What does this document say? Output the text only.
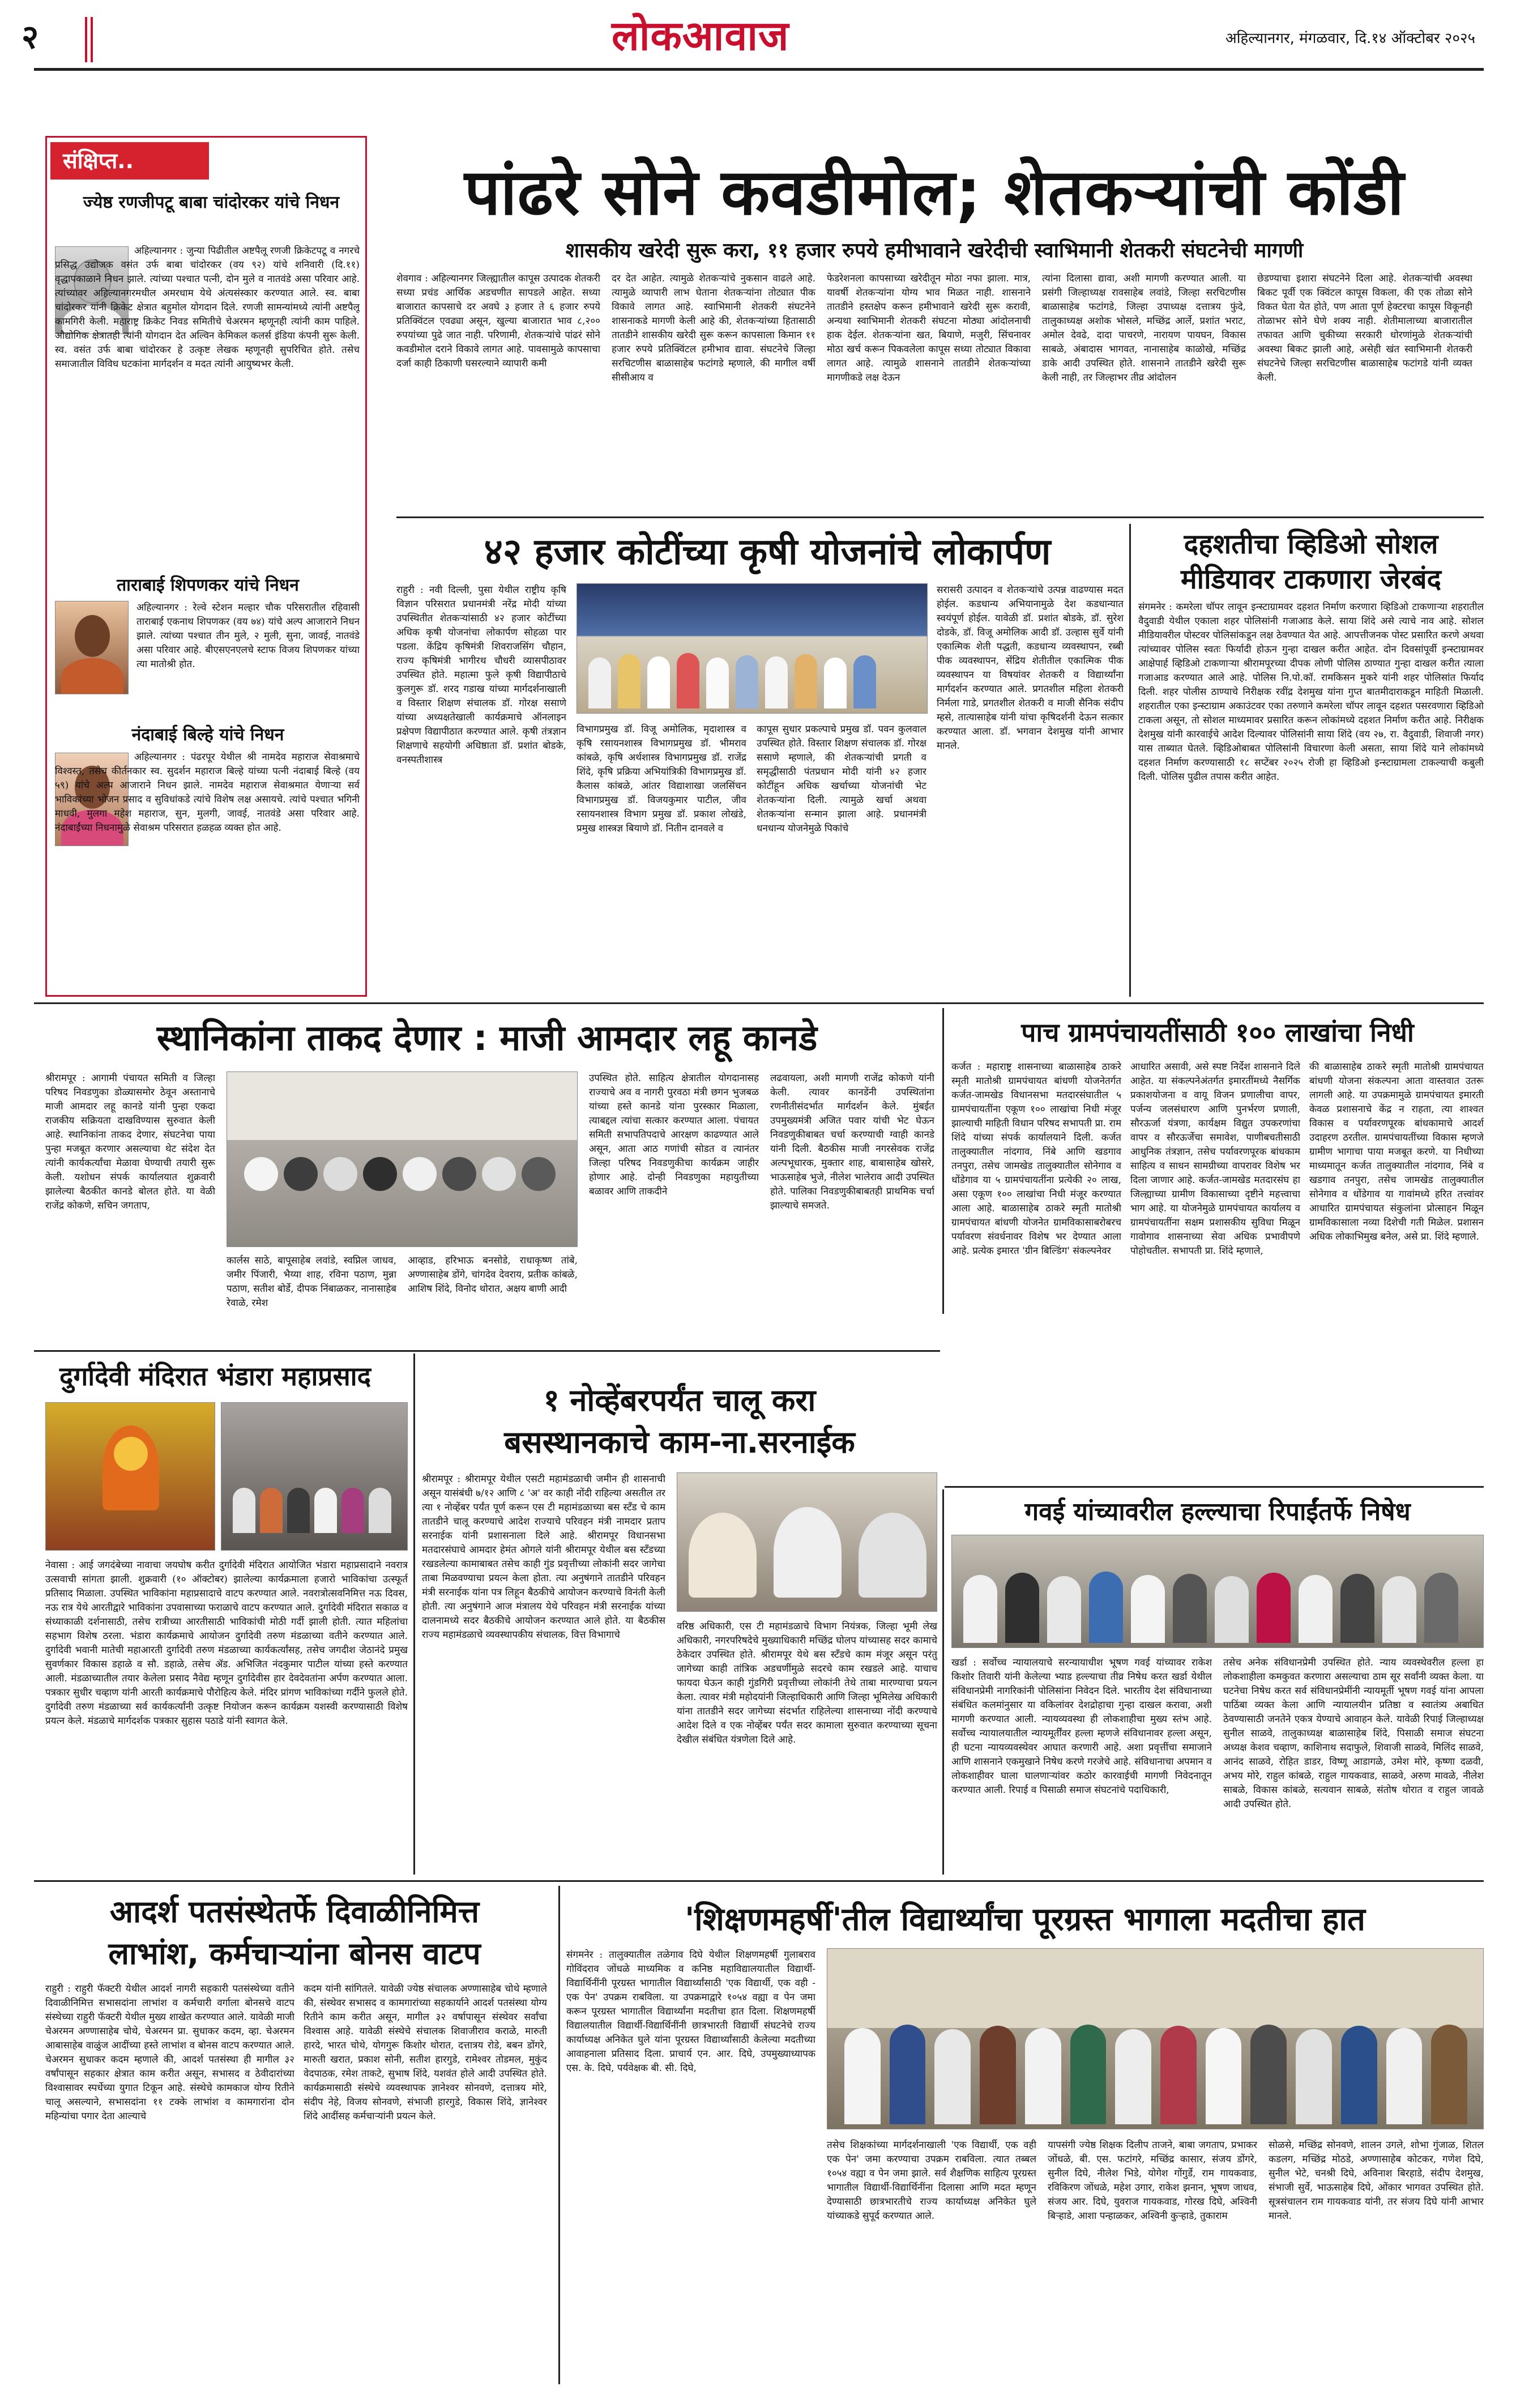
२	लोकआवाज	अहिल्यानगर, मंगळवार, दि.१४ ऑक्टोबर २०२५
संक्षिप्त..
ज्येष्ठ रणजीपटू बाबा चांदोरकर यांचे निधन
अहिल्यानगर : जुन्या पिढीतील अष्टपैलू रणजी क्रिकेटपटू व नगरचे प्रसिद्ध उद्योजक वसंत उर्फ बाबा चांदोरकर (वय ९२) यांचे शनिवारी (दि.११) वृद्धापकाळाने निधन झाले. त्यांच्या पश्चात पत्नी, दोन मुले व नातवंडे असा परिवार आहे. त्यांच्यावर अहिल्यानगरमधील अमरधाम येथे अंत्यसंस्कार करण्यात आले. स्व. बाबा चांदोरकर यांनी क्रिकेट क्षेत्रात बहुमोल योगदान दिले. रणजी सामन्यांमध्ये त्यांनी अष्टपैलू कामगिरी केली. महाराष्ट्र क्रिकेट निवड समितीचे चेअरमन म्हणूनही त्यांनी काम पाहिले. औद्योगिक क्षेत्रातही त्यांनी योगदान देत अल्विन केमिकल कलर्स इंडिया कंपनी सुरू केली. स्व. वसंत उर्फ बाबा चांदोरकर हे उत्कृष्ट लेखक म्हणूनही सुपरिचित होते. तसेच समाजातील विविध घटकांना मार्गदर्शन व मदत त्यांनी आयुष्यभर केली.
ताराबाई शिपणकर यांचे निधन
अहिल्यानगर : रेल्वे स्टेशन मल्हार चौक परिसरातील रहिवासी ताराबाई एकनाथ शिपणकर (वय ७४) यांचे अल्प आजाराने निधन झाले. त्यांच्या पश्चात तीन मुले, २ मुली, सुना, जावई, नातवंडे असा परिवार आहे. बीएसएनएलचे स्टाफ विजय शिपणकर यांच्या त्या मातोश्री होत.
नंदाबाई बिल्हे यांचे निधन
अहिल्यानगर : पंढरपूर येथील श्री नामदेव महाराज सेवाश्रमाचे विश्वस्त, तसेच कीर्तनकार स्व. सुदर्शन महाराज बिल्हे यांच्या पत्नी नंदाबाई बिल्हे (वय ५९) यांचे अल्प आजाराने निधन झाले. नामदेव महाराज सेवाश्रमात येणाऱ्या सर्व भाविकांच्या भोजन प्रसाद व सुविधांकडे त्यांचे विशेष लक्ष असायचे. त्यांचे पश्चात भगिनी माधवी, मुलगा महेश महाराज, सुन, मुलगी, जावई, नातवंडे असा परिवार आहे. नंदाबाईंच्या निधनामुळे सेवाश्रम परिसरात हळहळ व्यक्त होत आहे.
पांढरे सोने कवडीमोल; शेतकऱ्यांची कोंडी
शासकीय खरेदी सुरू करा, ११ हजार रुपये हमीभावाने खरेदीची स्वाभिमानी शेतकरी संघटनेची मागणी
शेवगाव : अहिल्यानगर जिल्ह्यातील कापूस उत्पादक शेतकरी सध्या प्रचंड आर्थिक अडचणीत सापडले आहेत. सध्या बाजारात कापसाचे दर अवघे ३ हजार ते ६ हजार रुपये प्रतिक्विंटल एवढ्या असून, खुल्या बाजारात भाव ८,२०० रुपयांच्या पुढे जात नाही. परिणामी, शेतकऱ्यांचे पांढरं सोने कवडीमोल दराने विकावे लागत आहे. पावसामुळे कापसाचा दर्जा काही ठिकाणी घसरल्याने व्यापारी कमी
दर देत आहेत. त्यामुळे शेतकऱ्यांचे नुकसान वाढले आहे. त्यामुळे व्यापारी लाभ घेताना शेतकऱ्यांना तोट्यात पीक विकावे लागत आहे. स्वाभिमानी शेतकरी संघटनेने शासनाकडे मागणी केली आहे की, शेतकऱ्यांच्या हितासाठी तातडीने शासकीय खरेदी सुरू करून कापसाला किमान ११ हजार रुपये प्रतिक्विंटल हमीभाव द्यावा. संघटनेचे जिल्हा सरचिटणीस बाळासाहेब फटांगडे म्हणाले, की मागील वर्षी सीसीआय व
फेडरेशनला कापसाच्या खरेदीतून मोठा नफा झाला. मात्र, यावर्षी शेतकऱ्यांना योग्य भाव मिळत नाही. शासनाने तातडीने हस्तक्षेप करून हमीभावाने खरेदी सुरू करावी, अन्यथा स्वाभिमानी शेतकरी संघटना मोठ्या आंदोलनाची हाक देईल. शेतकऱ्यांना खत, बियाणे, मजुरी, सिंचनावर मोठा खर्च करून पिकवलेला कापूस सध्या तोट्यात विकावा लागत आहे. त्यामुळे शासनाने तातडीने शेतकऱ्यांच्या मागणीकडे लक्ष देऊन
त्यांना दिलासा द्यावा, अशी मागणी करण्यात आली. या प्रसंगी जिल्हाध्यक्ष रावसाहेब लवांडे, जिल्हा सरचिटणीस बाळासाहेब फटांगडे, जिल्हा उपाध्यक्ष दत्तात्रय फुंदे, तालुकाध्यक्ष अशोक भोसले, मच्छिंद्र आर्ले, प्रशांत भराट, अमोल देवढे, दादा पाचरणे, नारायण पायघन, विकास साबळे, अंबादास भागवत, नानासाहेब काळोखे, मच्छिंद्र डाके आदी उपस्थित होते. शासनाने तातडीने खरेदी सुरू केली नाही, तर जिल्हाभर तीव्र आंदोलन
छेडण्याचा इशारा संघटनेने दिला आहे. शेतकऱ्यांची अवस्था बिकट पूर्वी एक क्विंटल कापूस विकला, की एक तोळा सोने विकत घेता येत होते, पण आता पूर्ण हेक्टरचा कापूस विकूनही तोळाभर सोने घेणे शक्य नाही. शेतीमालाच्या बाजारातील तफावत आणि चुकीच्या सरकारी धोरणांमुळे शेतकऱ्यांची अवस्था बिकट झाली आहे, असेही खंत स्वाभिमानी शेतकरी संघटनेचे जिल्हा सरचिटणीस बाळासाहेब फटांगडे यांनी व्यक्त केली.
४२ हजार कोटींच्या कृषी योजनांचे लोकार्पण
राहुरी : नवी दिल्ली, पुसा येथील राष्ट्रीय कृषि विज्ञान परिसरात प्रधानमंत्री नरेंद्र मोदी यांच्या उपस्थितीत शेतकऱ्यांसाठी ४२ हजार कोटींच्या अधिक कृषी योजनांचा लोकार्पण सोहळा पार पडला. केंद्रिय कृषिमंत्री शिवराजसिंग चौहान, राज्य कृषिमंत्री भागीरथ चौधरी व्यासपीठावर उपस्थित होते. महात्मा फुले कृषी विद्यापीठाचे कुलगुरू डॉ. शरद गडाख यांच्या मार्गदर्शनाखाली व विस्तार शिक्षण संचालक डॉ. गोरक्ष ससाणे यांच्या अध्यक्षतेखाली कार्यक्रमाचे ऑनलाइन प्रक्षेपण विद्यापीठात करण्यात आले. कृषी तंत्रज्ञान शिक्षणाचे सहयोगी अधिष्ठाता डॉ. प्रशांत बोडके, वनस्पतीशास्त्र
विभागप्रमुख डॉ. विजू अमोलिक, मृदाशास्त्र व कृषि रसायनशास्त्र विभागप्रमुख डॉ. भीमराव कांबळे, कृषि अर्थशास्त्र विभागप्रमुख डॉ. राजेंद्र शिंदे, कृषि प्रक्रिया अभियांत्रिकी विभागप्रमुख डॉ. कैलास कांबळे, आंतर विद्याशाखा जलसिंचन विभागप्रमुख डॉ. विजयकुमार पाटील, जीव रसायनशास्त्र विभाग प्रमुख डॉ. प्रकाश लोखंडे, प्रमुख शास्त्रज्ञ बियाणे डॉ. नितीन दानवले व
कापूस सुधार प्रकल्पाचे प्रमुख डॉ. पवन कुलवाल उपस्थित होते. विस्तार शिक्षण संचालक डॉ. गोरक्ष ससाणे म्हणाले, की शेतकऱ्यांची प्रगती व समृद्धीसाठी पंतप्रधान मोदी यांनी ४२ हजार कोटींहून अधिक खर्चाच्या योजनांची भेट शेतकऱ्यांना दिली. त्यामुळे खर्चा अथवा शेतकऱ्यांना सन्मान झाला आहे. प्रधानमंत्री धनधान्य योजनेमुळे पिकांचे
सरासरी उत्पादन व शेतकऱ्यांचे उत्पन्न वाढण्यास मदत होईल. कडधान्य अभियानामुळे देश कडधान्यात स्वयंपूर्ण होईल. यावेळी डॉ. प्रशांत बोडके, डॉ. सुरेश दोडके, डॉ. विजू अमोलिक आदी डॉ. उल्हास सुर्वे यांनी एकात्मिक शेती पद्धती, कडधान्य व्यवस्थापन, रब्बी पीक व्यवस्थापन, सेंद्रिय शेतीतील एकात्मिक पीक व्यवस्थापन या विषयांवर शेतकरी व विद्यार्थ्यांना मार्गदर्शन करण्यात आले. प्रगतशील महिला शेतकरी निर्मला गाडे, प्रगतशील शेतकरी व माजी सैनिक संदीप म्हसे, तात्यासाहेब यांनी यांचा कृषिदर्शनी देऊन सत्कार करण्यात आला. डॉ. भगवान देशमुख यांनी आभार मानले.
दहशतीचा व्हिडिओ सोशल मीडियावर टाकणारा जेरबंद
संगमनेर : कमरेला चॉपर लावून इन्स्टाग्रामवर दहशत निर्माण करणारा व्हिडिओ टाकणाऱ्या शहरातील वैदुवाडी येथील एकाला शहर पोलिसांनी गजाआड केले. साया शिंदे असे त्याचे नाव आहे. सोशल मीडियावरील पोस्टवर पोलिसांकडून लक्ष ठेवण्यात येत आहे. आपत्तीजनक पोस्ट प्रसारित करणे अथवा त्यांच्यावर पोलिस स्वतः फिर्यादी होऊन गुन्हा दाखल करीत आहेत. दोन दिवसांपूर्वी इन्स्टाग्रामवर आक्षेपार्ह व्हिडिओ टाकणाऱ्या श्रीरामपूरच्या दीपक लोणी पोलिस ठाण्यात गुन्हा दाखल करीत त्याला गजाआड करण्यात आले आहे. पोलिस नि.पो.कॉ. रामकिसन मुकरे यांनी शहर पोलिसांत फिर्याद दिली. शहर पोलीस ठाण्याचे निरीक्षक रवींद्र देशमुख यांना गुप्त बातमीदाराकडून माहिती मिळाली. शहरातील एका इन्स्टाग्राम अकाउंटवर एका तरुणाने कमरेला चॉपर लावून दहशत पसरवणारा व्हिडिओ टाकला असून, तो सोशल माध्यमावर प्रसारित करून लोकांमध्ये दहशत निर्माण करीत आहे. निरीक्षक देशमुख यांनी कारवाईचे आदेश दिल्यावर पोलिसांनी साया शिंदे (वय २७, रा. वैदुवाडी, शिवाजी नगर) यास ताब्यात घेतले. व्हिडिओबाबत पोलिसांनी विचारणा केली असता, साया शिंदे याने लोकांमध्ये दहशत निर्माण करण्यासाठी १८ सप्टेंबर २०२५ रोजी हा व्हिडिओ इन्स्टाग्रामला टाकल्याची कबुली दिली. पोलिस पुढील तपास करीत आहेत.
स्थानिकांना ताकद देणार : माजी आमदार लहू कानडे
श्रीरामपूर : आगामी पंचायत समिती व जिल्हा परिषद निवडणुका डोळ्यासमोर ठेवून अस्तानाचे माजी आमदार लहू कानडे यांनी पुन्हा एकदा राजकीय सक्रियता दाखविण्यास सुरुवात केली आहे. स्थानिकांना ताकद देणार, संघटनेचा पाया पुन्हा मजबूत करणार असल्याचा थेट संदेश देत त्यांनी कार्यकर्त्यांचा मेळावा घेण्याची तयारी सुरू केली. यशोधन संपर्क कार्यालयात शुक्रवारी झालेल्या बैठकीत कानडे बोलत होते. या वेळी राजेंद्र कोकणे, सचिन जगताप,
कार्लस साठे, बापूसाहेब लवांडे, स्वप्निल जाधव, जमीर पिंजारी, भैय्या शाह, रविना पठाण, मुन्ना पठाण, सतीश बोर्डे, दीपक निंबाळकर, नानासाहेब रेवाळे, रमेश
आव्हाड, हरिभाऊ बनसोडे, राधाकृष्ण तांबे, अण्णासाहेब डोंगे, चांगदेव देवराय, प्रतीक कांबळे, आशिष शिंदे, विनोद थोरात, अक्षय बाणी आदी
उपस्थित होते. साहित्य क्षेत्रातील योगदानासह राज्याचे अव व नागरी पुरवठा मंत्री छगन भुजबळ यांच्या हस्ते कानडे यांना पुरस्कार मिळाला, त्याबद्दल त्यांचा सत्कार करण्यात आला. पंचायत समिती सभापतिपदाचे आरक्षण काढण्यात आले असून, आता आठ गणांची सोडत व त्यानंतर जिल्हा परिषद निवडणुकीचा कार्यक्रम जाहीर होणार आहे. दोन्ही निवडणुका महायुतीच्या बळावर आणि ताकदीने
लढवायला, अशी मागणी राजेंद्र कोकणे यांनी केली. त्यावर कानडेंनी उपस्थितांना रणनीतीसंदर्भात मार्गदर्शन केले. मुंबईत उपमुख्यमंत्री अजित पवार यांची भेट घेऊन निवडणुकीबाबत चर्चा करण्याची ग्वाही कानडे यांनी दिली. बैठकीस माजी नगरसेवक राजेंद्र अल्पभूधारक, मुक्तार शाह, बाबासाहेब खोसरे, भाऊसाहेब भुजे, नीलेश भालेराव आदी उपस्थित होते. पालिका निवडणुकीबाबतही प्राथमिक चर्चा झाल्याचे समजते.
पाच ग्रामपंचायतींसाठी १०० लाखांचा निधी
कर्जत : महाराष्ट्र शासनाच्या बाळासाहेब ठाकरे स्मृती मातोश्री ग्रामपंचायत बांधणी योजनेतर्गत कर्जत-जामखेड विधानसभा मतदारसंघातील ५ ग्रामपंचायतींना एकूण १०० लाखांचा निधी मंजूर झाल्याची माहिती विधान परिषद सभापती प्रा. राम शिंदे यांच्या संपर्क कार्यालयाने दिली. कर्जत तालुक्यातील नांदगाव, निंबे आणि खडगाव तनपुरा, तसेच जामखेड तालुक्यातील सोनेगाव व धोंडेगाव या ५ ग्रामपंचायतींना प्रत्येकी २० लाख, असा एकूण १०० लाखांचा निधी मंजूर करण्यात आला आहे. बाळासाहेब ठाकरे स्मृती मातोश्री ग्रामपंचायत बांधणी योजनेत ग्रामविकासाबरोबरच पर्यावरण संवर्धनावर विशेष भर देण्यात आला आहे. प्रत्येक इमारत 'ग्रीन बिल्डिंग' संकल्पनेवर
आधारित असावी, असे स्पष्ट निर्देश शासनाने दिले आहेत. या संकल्पनेअंतर्गत इमारतींमध्ये नैसर्गिक प्रकाशयोजना व वायू विजन प्रणालीचा वापर, पर्जन्य जलसंधारण आणि पुनर्भरण प्रणाली, सौरऊर्जा यंत्रणा, कार्यक्षम विद्युत उपकरणांचा वापर व सौरऊर्जेचा समावेश, पाणीबचतीसाठी आधुनिक तंत्रज्ञान, तसेच पर्यावरणपूरक बांधकाम साहित्य व साधन सामग्रीच्या वापरावर विशेष भर दिला जाणार आहे. कर्जत-जामखेड मतदारसंघ हा जिल्ह्याच्या ग्रामीण विकासाच्या दृष्टीने महत्त्वाचा भाग आहे. या योजनेमुळे ग्रामपंचायत कार्यालय व ग्रामपंचायतींना सक्षम प्रशासकीय सुविधा मिळून गावोगाव शासनाच्या सेवा अधिक प्रभावीपणे पोहोचतील. सभापती प्रा. शिंदे म्हणाले,
की बाळासाहेब ठाकरे स्मृती मातोश्री ग्रामपंचायत बांधणी योजना संकल्पना आता वास्तवात उतरू लागली आहे. या उपक्रमामुळे ग्रामपंचायत इमारती केवळ प्रशासनाचे केंद्र न राहता, त्या शाश्वत विकास व पर्यावरणपूरक बांधकामाचे आदर्श उदाहरण ठरतील. ग्रामपंचायतींच्या विकास म्हणजे ग्रामीण भागाचा पाया मजबूत करणे. या निधीच्या माध्यमातून कर्जत तालुक्यातील नांदगाव, निंबे व खडगाव तनपुरा, तसेच जामखेड तालुक्यातील सोनेगाव व धोंडेगाव या गावांमध्ये हरित तत्त्वांवर आधारित ग्रामपंचायत संकुलांना प्रोत्साहन मिळून ग्रामविकासाला नव्या दिशेची गती मिळेल. प्रशासन अधिक लोकाभिमुख बनेल, असे प्रा. शिंदे म्हणाले.
दुर्गादेवी मंदिरात भंडारा महाप्रसाद
नेवासा : आई जगदंबेच्या नावाचा जयघोष करीत दुर्गादेवी मंदिरात आयोजित भंडारा महाप्रसादाने नवरात्र उत्सवाची सांगता झाली. शुक्रवारी (१० ऑक्टोबर) झालेल्या कार्यक्रमाला हजारो भाविकांचा उत्स्फूर्त प्रतिसाद मिळाला. उपस्थित भाविकांना महाप्रसादाचे वाटप करण्यात आले. नवरात्रोत्सवनिमित्त नऊ दिवस, नऊ रात्र येथे आरतीद्वारे भाविकांना उपवासाच्या फराळाचे वाटप करण्यात आले. दुर्गादेवी मंदिरात सकाळ व संध्याकाळी दर्शनासाठी, तसेच रात्रीच्या आरतीसाठी भाविकांची मोठी गर्दी झाली होती. त्यात महिलांचा सहभाग विशेष ठरला. भंडारा कार्यक्रमाचे आयोजन दुर्गादेवी तरुण मंडळाच्या वतीने करण्यात आले. दुर्गादेवी भवानी मातेची महाआरती दुर्गादेवी तरुण मंडळाच्या कार्यकर्त्यांसह, तसेच जगदीश जेठानंदे प्रमुख सुवर्णकार विकास डहाळे व सौ. डहाळे, तसेच ॲड. अभिजित नंदकुमार पाटील यांच्या हस्ते करण्यात आली. मंडळाच्यातील तयार केलेला प्रसाद नैवेद्य म्हणून दुर्गादेवीस हार देवदेवतांना अर्पण करण्यात आला. पत्रकार सुधीर चव्हाण यांनी आरती कार्यक्रमाचे पौरोहित्य केले. मंदिर प्रांगण भाविकांच्या गर्दीने फुलले होते. दुर्गादेवी तरुण मंडळाच्या सर्व कार्यकर्त्यांनी उत्कृष्ट नियोजन करून कार्यक्रम यशस्वी करण्यासाठी विशेष प्रयत्न केले. मंडळाचे मार्गदर्शक पत्रकार सुहास पठाडे यांनी स्वागत केले.
१ नोव्हेंबरपर्यंत चालू करा
बसस्थानकाचे काम-ना.सरनाईक
श्रीरामपूर : श्रीरामपूर येथील एसटी महामंडळाची जमीन ही शासनाची असून यासंबंधी ७/१२ आणि ८ 'अ' वर काही नोंदी राहिल्या असतील तर त्या १ नोव्हेंबर पर्यंत पूर्ण करून एस टी महामंडळाच्या बस स्टँड चे काम तातडीने चालू करण्याचे आदेश राज्याचे परिवहन मंत्री नामदार प्रताप सरनाईक यांनी प्रशासनाला दिले आहे. श्रीरामपूर विधानसभा मतदारसंघाचे आमदार हेमंत ओगले यांनी श्रीरामपूर येथील बस स्टँडच्या रखडलेल्या कामाबाबत तसेच काही गुंड प्रवृत्तीच्या लोकांनी सदर जागेचा ताबा मिळवण्याचा प्रयत्न केला होता. त्या अनुषंगाने तातडीने परिवहन मंत्री सरनाईक यांना पत्र लिहून बैठकीचे आयोजन करण्याचे विनंती केली होती. त्या अनुषंगाने आज मंत्रालय येथे परिवहन मंत्री सरनाईक यांच्या दालनामध्ये सदर बैठकीचे आयोजन करण्यात आले होते. या बैठकीस राज्य महामंडळाचे व्यवस्थापकीय संचालक, वित्त विभागाचे
वरिष्ठ अधिकारी, एस टी महामंडळाचे विभाग नियंत्रक, जिल्हा भूमी लेख अधिकारी, नगरपरिषदेचे मुख्याधिकारी मच्छिंद्र घोलप यांच्यासह सदर कामाचे ठेकेदार उपस्थित होते. श्रीरामपूर येथे बस स्टँडचे काम मंजूर असून परंतु जागेच्या काही तांत्रिक अडचणींमुळे सदरचे काम रखडले आहे. याचाच फायदा घेऊन काही गुंडगिरी प्रवृत्तीच्या लोकांनी तेथे ताबा मारण्याचा प्रयत्न केला. त्यावर मंत्री महोदयांनी जिल्हाधिकारी आणि जिल्हा भूमिलेख अधिकारी यांना तातडीने सदर जागेच्या संदर्भात राहिलेल्या शासनाच्या नोंदी करण्याचे आदेश दिले व एक नोव्हेंबर पर्यंत सदर कामाला सुरुवात करण्याच्या सूचना देखील संबंधित यंत्रणेला दिले आहे.
गवई यांच्यावरील हल्ल्याचा रिपाईंतर्फे निषेध
खर्डा : सर्वोच्च न्यायालयाचे सरन्यायाधीश भूषण गवई यांच्यावर राकेश किशोर तिवारी यांनी केलेल्या भ्याड हल्ल्याचा तीव्र निषेध करत खर्डा येथील संविधानप्रेमी नागरिकांनी पोलिसांना निवेदन दिले. भारतीय देश संविधानाच्या संबंधित कलमांनुसार या वकिलांवर देशद्रोहाचा गुन्हा दाखल करावा, अशी मागणी करण्यात आली. न्यायव्यवस्था ही लोकशाहीचा मुख्य स्तंभ आहे. सर्वोच्च न्यायालयातील न्यायमूर्तींवर हल्ला म्हणजे संविधानावर हल्ला असून, ही घटना न्यायव्यवस्थेवर आघात करणारी आहे. अशा प्रवृत्तींचा समाजाने आणि शासनाने एकमुखाने निषेध करणे गरजेचे आहे. संविधानाचा अपमान व लोकशाहीवर घाला घालणाऱ्यांवर कठोर कारवाईची मागणी निवेदनातून करण्यात आली. रिपाई व पिसाळी समाज संघटनांचे पदाधिकारी,
तसेच अनेक संविधानप्रेमी उपस्थित होते. न्याय व्यवस्थेवरील हल्ला हा लोकशाहीला कमकुवत करणारा असल्याचा ठाम सूर सर्वांनी व्यक्त केला. या घटनेचा निषेध करत सर्व संविधानप्रेमींनी न्यायमूर्ती भूषण गवई यांना आपला पाठिंबा व्यक्त केला आणि न्यायालयीन प्रतिष्ठा व स्वातंत्र्य अबाधित ठेवण्यासाठी जनतेने एकत्र येण्याचे आवाहन केले. यावेळी रिपाई जिल्हाध्यक्ष सुनील साळवे, तालुकाध्यक्ष बाळासाहेब शिंदे, पिसाळी समाज संघटना अध्यक्ष केशव चव्हाण, काशिनाथ सदाफुले, शिवाजी साळवे, मिलिंद साळवे, आनंद साळवे, रोहित डाडर, विष्णू आडागळे, उमेश मोरे, कृष्णा दळवी, अभय मोरे, राहुल कांबळे, राहुल गायकवाड, साळवे, अरुण मावळे, नीलेश साबळे, विकास कांबळे, सत्यवान साबळे, संतोष थोरात व राहुल जावळे आदी उपस्थित होते.
आदर्श पतसंस्थेतर्फे दिवाळीनिमित्त
लाभांश, कर्मचाऱ्यांना बोनस वाटप
राहुरी : राहुरी फॅक्टरी येथील आदर्श नागरी सहकारी पतसंस्थेच्या वतीने दिवाळीनिमित्त सभासदांना लाभांश व कर्मचारी वर्गाला बोनसचे वाटप संस्थेच्या राहुरी फॅक्टरी येथील मुख्य शाखेत करण्यात आले. यावेळी माजी चेअरमन अण्णासाहेब चोथे, चेअरमन प्रा. सुधाकर कदम, व्हा. चेअरमन आबासाहेब वाळुंज आदींच्या हस्ते लाभांश व बोनस वाटप करण्यात आले. चेअरमन सुधाकर कदम म्हणाले की, आदर्श पतसंस्था ही मागील ३२ वर्षांपासून सहकार क्षेत्रात काम करीत असून, सभासद व ठेवीदारांच्या विश्वासावर स्पर्धेच्या युगात टिकून आहे. संस्थेचे कामकाज योग्य रितीने चालू असल्याने, सभासदांना ११ टक्के लाभांश व कामगारांना दोन महिन्यांचा पगार देता आल्याचे
कदम यांनी सांगितले. यावेळी ज्येष्ठ संचालक अण्णासाहेब चोथे म्हणाले की, संस्थेवर सभासद व कामगारांच्या सहकार्याने आदर्श पतसंस्था योग्य रितीने काम करीत असून, मागील ३२ वर्षापासून संस्थेवर सर्वांचा विश्वास आहे. यावेळी संस्थेचे संचालक शिवाजीराव कराळे, मारुती हारदे, भारत चोथे, योगगुरू किशोर थोरात, दत्तात्रय रोडे, बबन डोंगरे, मारुती खरात, प्रकाश सोनी, सतीश हारगुडे, रामेश्वर तोडमल, मुकुंद वेदपाठक, रमेश ताकटे, सुभाष शिंदे, यशवंत होले आदी उपस्थित होते. कार्यक्रमासाठी संस्थेचे व्यवस्थापक ज्ञानेश्वर सोनवणे, दत्तात्रय मोरे, संदीप नेहे, विजय सोनवणे, संभाजी हारगुडे, विकास शिंदे, ज्ञानेश्वर शिंदे आदींसह कर्मचाऱ्यांनी प्रयत्न केले.
'शिक्षणमहर्षी'तील विद्यार्थ्यांचा पूरग्रस्त भागाला मदतीचा हात
संगमनेर : तालुक्यातील तळेगाव दिघे येथील शिक्षणमहर्षी गुलाबराव गोविंदराव जोंधळे माध्यमिक व कनिष्ठ महाविद्यालयातील विद्यार्थी-विद्यार्थिनींनी पूरग्रस्त भागातील विद्यार्थ्यांसाठी 'एक विद्यार्थी, एक वही - एक पेन' उपक्रम राबविला. या उपक्रमाद्वारे १०५४ वह्या व पेन जमा करून पूरग्रस्त भागातील विद्यार्थ्यांना मदतीचा हात दिला. शिक्षणमहर्षी विद्यालयातील विद्यार्थी-विद्यार्थिनींनी छात्रभारती विद्यार्थी संघटनेचे राज्य कार्याध्यक्ष अनिकेत घुले यांना पूरग्रस्त विद्यार्थ्यांसाठी केलेल्या मदतीच्या आवाहनाला प्रतिसाद दिला. प्राचार्य एन. आर. दिघे, उपमुख्याध्यापक एस. के. दिघे, पर्यवेक्षक बी. सी. दिघे,
तसेच शिक्षकांच्या मार्गदर्शनाखाली 'एक विद्यार्थी, एक वही एक पेन' जमा करण्याचा उपक्रम राबविला. त्यात तब्बल १०५४ वह्या व पेन जमा झाले. सर्व शैक्षणिक साहित्य पूरग्रस्त भागातील विद्यार्थी-विद्यार्थिनींना दिलासा आणि मदत म्हणून देण्यासाठी छात्रभारतीचे राज्य कार्याध्यक्ष अनिकेत घुले यांच्याकडे सुपूर्द करण्यात आले.
यापसंगी ज्येष्ठ शिक्षक दिलीप ताजने, बाबा जगताप, प्रभाकर जोंधळे, बी. एस. फटांगरे, मच्छिंद्र कासार, संजय डोंगरे, सुनील दिघे, नीलेश भिडे, योगेश गोंगुर्डे, राम गायकवाड, रविकिरण जोंधळे, महेश उगार, राकेश झनान, भूषण जाधव, संजय आर. दिघे, युवराज गायकवाड, गोरख दिघे, अश्विनी बिऱ्हाडे, आशा पन्हाळकर, अश्विनी कुऱ्हाडे, तुकाराम
सोळसे, मच्छिंद्र सोनवणे, शालन उगले, शोभा गुंजाळ, शितल कडलग, मच्छिंद्र मोठडे, अण्णासाहेब कोटकर, गणेश दिघे, सुनील भेटे, चनश्री दिघे, अविनाश बिरहाडे, संदीप देशमुख, संभाजी सुर्वे, भाऊसाहेब दिघे, ओंकार भागवत उपस्थित होते. सूत्रसंचालन राम गायकवाड यांनी, तर संजय दिघे यांनी आभार मानले.
